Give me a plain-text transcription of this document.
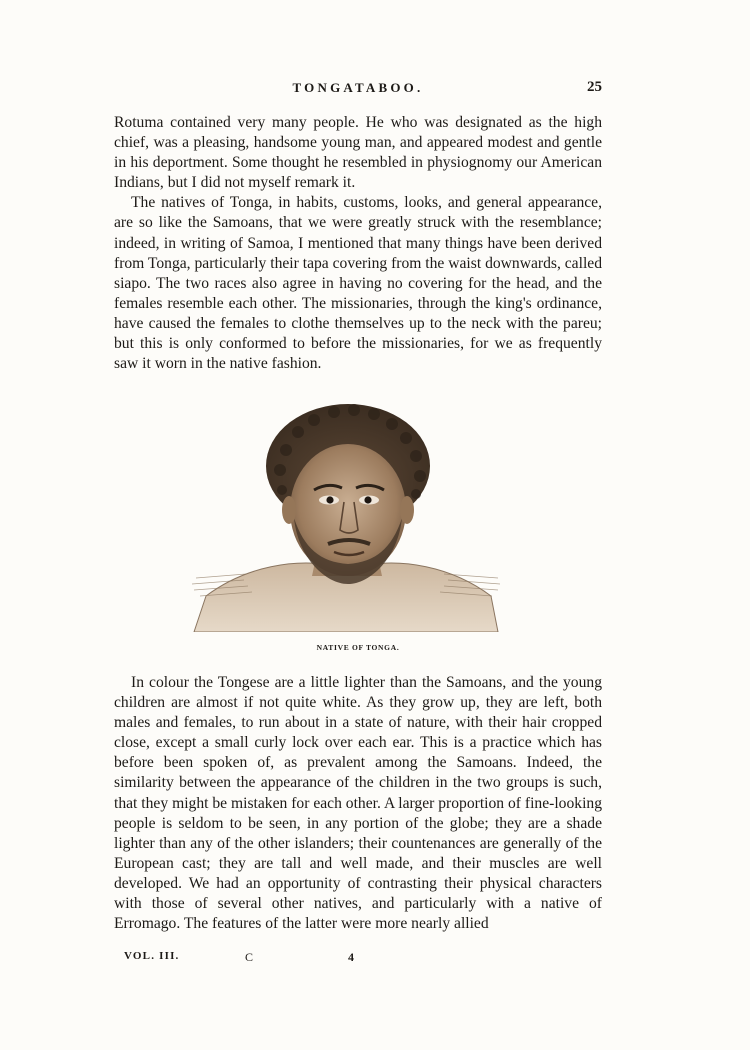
TONGATABOO.	25

Rotuma contained very many people. He who was designated as the high chief, was a pleasing, handsome young man, and appeared modest and gentle in his deportment. Some thought he resembled in physiognomy our American Indians, but I did not myself remark it.

The natives of Tonga, in habits, customs, looks, and general appearance, are so like the Samoans, that we were greatly struck with the resemblance; indeed, in writing of Samoa, I mentioned that many things have been derived from Tonga, particularly their tapa covering from the waist downwards, called siapo. The two races also agree in having no covering for the head, and the females resemble each other. The missionaries, through the king's ordinance, have caused the females to clothe themselves up to the neck with the pareu; but this is only conformed to before the missionaries, for we as frequently saw it worn in the native fashion.

NATIVE OF TONGA.

In colour the Tongese are a little lighter than the Samoans, and the young children are almost if not quite white. As they grow up, they are left, both males and females, to run about in a state of nature, with their hair cropped close, except a small curly lock over each ear. This is a practice which has before been spoken of, as prevalent among the Samoans. Indeed, the similarity between the appearance of the children in the two groups is such, that they might be mistaken for each other. A larger proportion of fine-looking people is seldom to be seen, in any portion of the globe; they are a shade lighter than any of the other islanders; their countenances are generally of the European cast; they are tall and well made, and their muscles are well developed. We had an opportunity of contrasting their physical characters with those of several other natives, and particularly with a native of Erromago. The features of the latter were more nearly allied

VOL. III.	C	4
